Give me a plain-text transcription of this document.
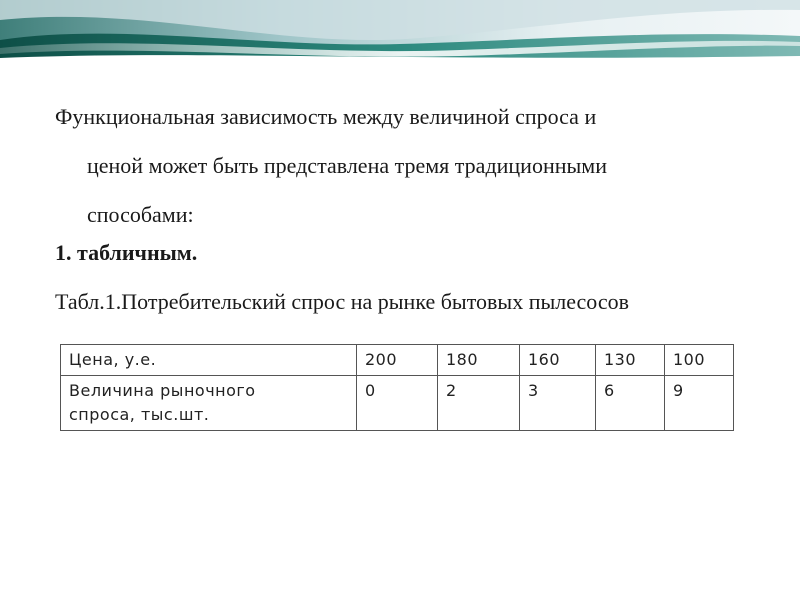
Функциональная зависимость между величиной спроса и
ценой может быть представлена тремя традиционными
способами:
1. табличным.
Табл.1.Потребительский спрос на рынке бытовых пылесосов
Цена, у.е.	200	180	160	130	100

Величина рыночного
спроса, тыс.шт.	0	2	3	6	9
